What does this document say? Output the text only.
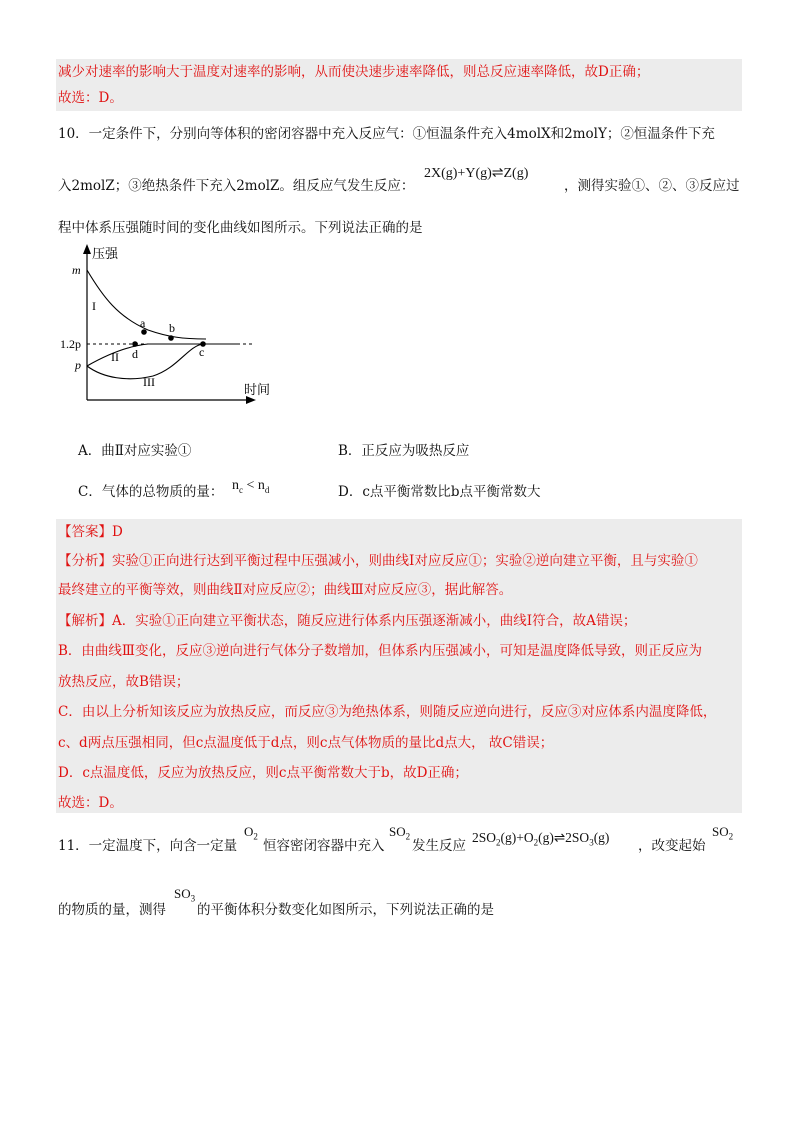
减少对速率的影响大于温度对速率的影响，从而使决速步速率降低，则总反应速率降低，故D正确；
故选：D。
10．一定条件下，分别向等体积的密闭容器中充入反应气：①恒温条件充入4molX和2molY；②恒温条件下充
入2molZ；③绝热条件下充入2molZ。组反应气发生反应：
2X(g)+Y(g)⇌Z(g)
，测得实验①、②、③反应过
程中体系压强随时间的变化曲线如图所示。下列说法正确的是
压强
时间
m
1.2p
p
I
II
III
a b
d	c
A．曲Ⅱ对应实验①	B．正反应为吸热反应
C．气体的总物质的量： $n_c < n_d$	D．c点平衡常数比b点平衡常数大
【答案】D
【分析】实验①正向进行达到平衡过程中压强减小，则曲线Ⅰ对应反应①；实验②逆向建立平衡，且与实验①
最终建立的平衡等效，则曲线Ⅱ对应反应②；曲线Ⅲ对应反应③，据此解答。
【解析】A．实验①正向建立平衡状态，随反应进行体系内压强逐渐减小，曲线Ⅰ符合，故A错误；
B．由曲线Ⅲ变化，反应③逆向进行气体分子数增加，但体系内压强减小，可知是温度降低导致，则正反应为
放热反应，故B错误；
C．由以上分析知该反应为放热反应，而反应③为绝热体系，则随反应逆向进行，反应③对应体系内温度降低，
c、d两点压强相同，但c点温度低于d点，则c点气体物质的量比d点大， 故C错误；
D．c点温度低，反应为放热反应，则c点平衡常数大于b，故D正确；
故选：D。
11．一定温度下，向含一定量
$O_2$
恒容密闭容器中充入
$SO_2$
发生反应
$2SO_2(g)+O_2(g)\rightleftharpoons 2SO_3(g)$
，改变起始
$SO_2$
的物质的量，测得
$SO_3$
的平衡体积分数变化如图所示，下列说法正确的是
